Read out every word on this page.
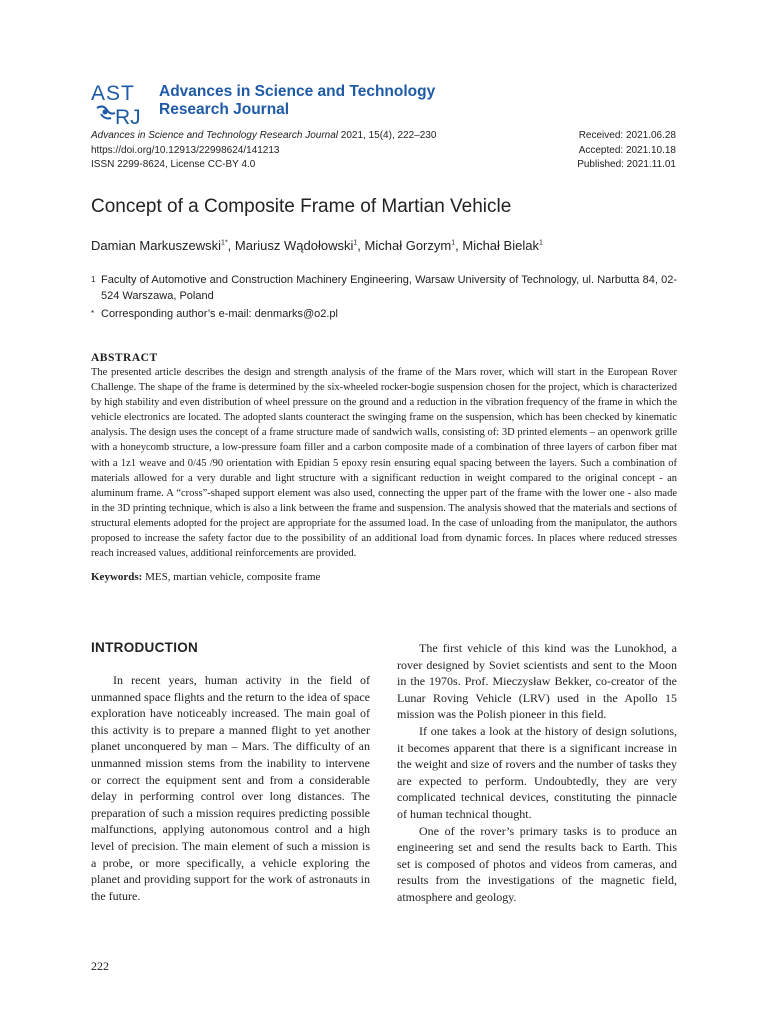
AST
RJ
Advances in Science and Technology
Research Journal
Advances in Science and Technology Research Journal 2021, 15(4), 222–230
https://doi.org/10.12913/22998624/141213
ISSN 2299-8624, License CC-BY 4.0
Received: 2021.06.28
Accepted: 2021.10.18
Published: 2021.11.01
Concept of a Composite Frame of Martian Vehicle
Damian Markuszewski$^{1*}$, Mariusz Wądołowski$^1$, Michał Gorzym$^1$, Michał Bielak$^1$
1 Faculty of Automotive and Construction Machinery Engineering, Warsaw University of Technology, ul. Narbutta 84, 02-524 Warszawa, Poland
* Corresponding author’s e-mail: denmarks@o2.pl
ABSTRACT
The presented article describes the design and strength analysis of the frame of the Mars rover, which will start in the European Rover Challenge. The shape of the frame is determined by the six-wheeled rocker-bogie suspension chosen for the project, which is characterized by high stability and even distribution of wheel pressure on the ground and a reduction in the vibration frequency of the frame in which the vehicle electronics are located. The adopted slants counteract the swinging frame on the suspension, which has been checked by kinematic analysis. The design uses the concept of a frame structure made of sandwich walls, consisting of: 3D printed elements – an openwork grille with a honeycomb structure, a low-pressure foam filler and a carbon composite made of a combination of three layers of carbon fiber mat with a 1z1 weave and 0/45 /90 orientation with Epidian 5 epoxy resin ensuring equal spacing between the layers. Such a combination of materials allowed for a very durable and light structure with a significant reduction in weight compared to the original concept - an aluminum frame. A “cross”-shaped support element was also used, connecting the upper part of the frame with the lower one - also made in the 3D printing technique, which is also a link between the frame and suspension. The analysis showed that the materials and sections of structural elements adopted for the project are appropriate for the assumed load. In the case of unloading from the manipulator, the authors proposed to increase the safety factor due to the possibility of an additional load from dynamic forces. In places where reduced stresses reach increased values, additional reinforcements are provided.
Keywords: MES, martian vehicle, composite frame
INTRODUCTION

In recent years, human activity in the field of unmanned space flights and the return to the idea of space exploration have noticeably increased. The main goal of this activity is to prepare a manned flight to yet another planet unconquered by man – Mars. The difficulty of an unmanned mission stems from the inability to intervene or correct the equipment sent and from a considerable delay in performing control over long distances. The preparation of such a mission requires predicting possible malfunctions, applying autonomous control and a high level of precision. The main element of such a mission is a probe, or more specifically, a vehicle exploring the planet and providing support for the work of astronauts in the future.

The first vehicle of this kind was the Lunokhod, a rover designed by Soviet scientists and sent to the Moon in the 1970s. Prof. Mieczysław Bekker, co-creator of the Lunar Roving Vehicle (LRV) used in the Apollo 15 mission was the Polish pioneer in this field.

If one takes a look at the history of design solutions, it becomes apparent that there is a significant increase in the weight and size of rovers and the number of tasks they are expected to perform. Undoubtedly, they are very complicated technical devices, constituting the pinnacle of human technical thought.

One of the rover’s primary tasks is to produce an engineering set and send the results back to Earth. This set is composed of photos and videos from cameras, and results from the investigations of the magnetic field, atmosphere and geology.

222
